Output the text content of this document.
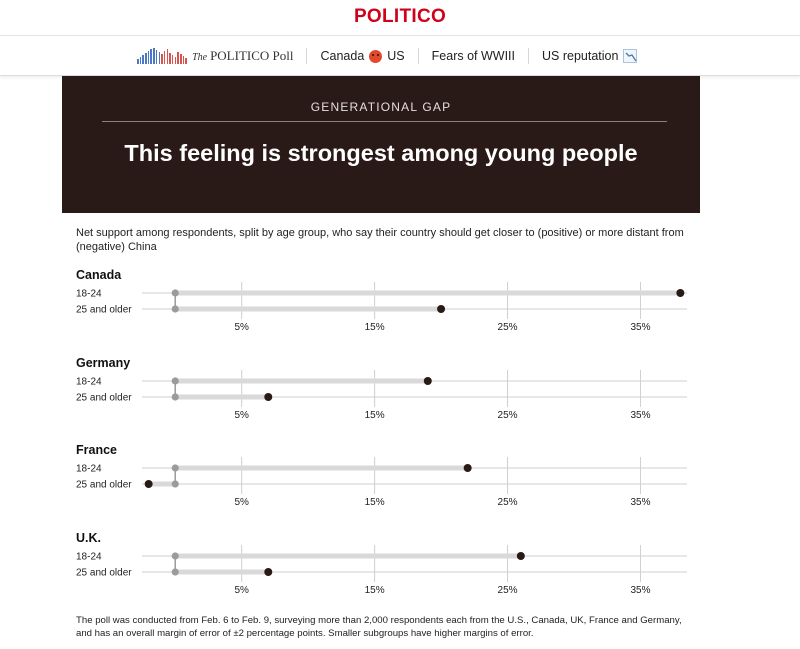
POLITICO
The POLITICO Poll Canada US Fears of WWIII US reputation
GENERATIONAL GAP
This feeling is strongest among young people
Net support among respondents, split by age group, who say their country should get closer to (positive) or more distant from (negative) China
Canada
5%	15%	25%	35%
18-24
25 and older
Germany
5%	15%	25%	35%
18-24
25 and older
France
5%	15%	25%	35%
18-24
25 and older
U.K.
5%	15%	25%	35%
18-24
25 and older
The poll was conducted from Feb. 6 to Feb. 9, surveying more than 2,000 respondents each from the U.S., Canada, UK, France and Germany, and has an overall margin of error of ±2 percentage points. Smaller subgroups have higher margins of error.
